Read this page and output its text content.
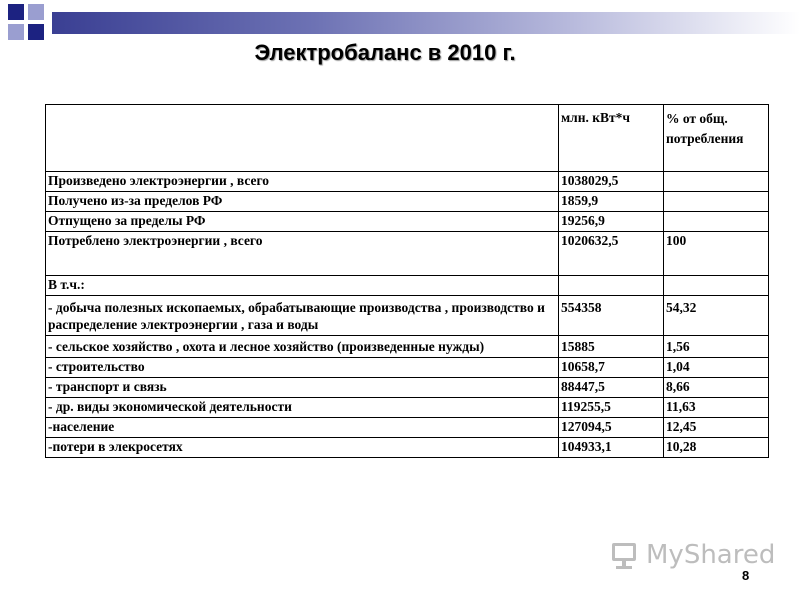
Электробаланс в 2010 г.
	млн. кВт*ч	% от общ. потребления
Произведено электроэнергии , всего	1038029,5	
Получено из-за пределов РФ	1859,9	
Отпущено за пределы РФ	19256,9	
Потреблено электроэнергии , всего	1020632,5	100
В т.ч.:		
- добыча полезных ископаемых, обрабатывающие производства , производство и распределение электроэнергии , газа и воды	554358	54,32
- сельское хозяйство , охота и лесное хозяйство (произведенные нужды)	15885	1,56
- строительство	10658,7	1,04
- транспорт и связь	88447,5	8,66
- др. виды экономической деятельности	119255,5	11,63
-население	127094,5	12,45
-потери в элекросетях	104933,1	10,28
MyShared
8
